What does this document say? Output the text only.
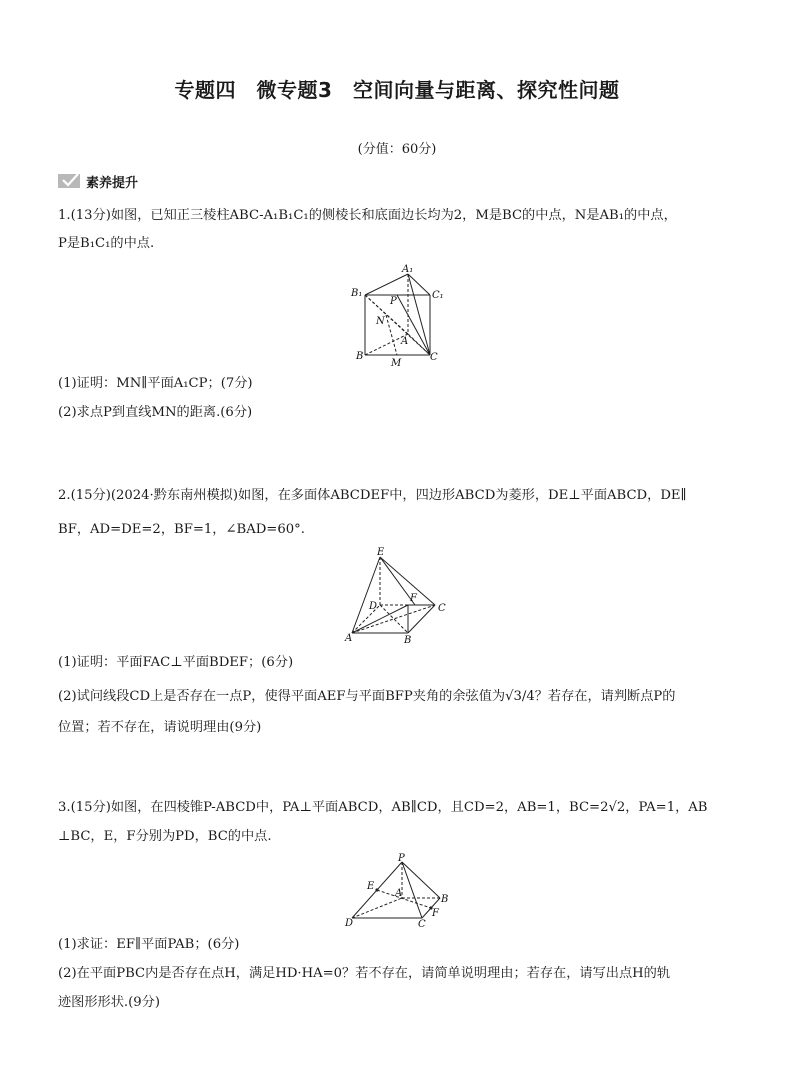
专题四　微专题3　空间向量与距离、探究性问题
(分值：60分)
素养提升
1.(13分)如图，已知正三棱柱ABC-A₁B₁C₁的侧棱长和底面边长均为2，M是BC的中点，N是AB₁的中点，
P是B₁C₁的中点.
A₁
B₁	C₁
P
N
A
B
M
C
(1)证明：MN∥平面A₁CP；(7分)
(2)求点P到直线MN的距离.(6分)
2.(15分)(2024·黔东南州模拟)如图，在多面体ABCDEF中，四边形ABCD为菱形，DE⊥平面ABCD，DE∥
BF，AD=DE=2，BF=1，∠BAD=60°.
E
D
F
C
A	B
(1)证明：平面FAC⊥平面BDEF；(6分)
(2)试问线段CD上是否存在一点P，使得平面AEF与平面BFP夹角的余弦值为√3/4？若存在，请判断点P的
位置；若不存在，请说明理由(9分)
3.(15分)如图，在四棱锥P-ABCD中，PA⊥平面ABCD，AB∥CD，且CD=2，AB=1，BC=2√2，PA=1，AB
⊥BC，E，F分别为PD，BC的中点.
P
E
A
B
F
D	C
(1)求证：EF∥平面PAB；(6分)
(2)在平面PBC内是否存在点H，满足HD·HA=0？若不存在，请简单说明理由；若存在，请写出点H的轨
迹图形形状.(9分)
